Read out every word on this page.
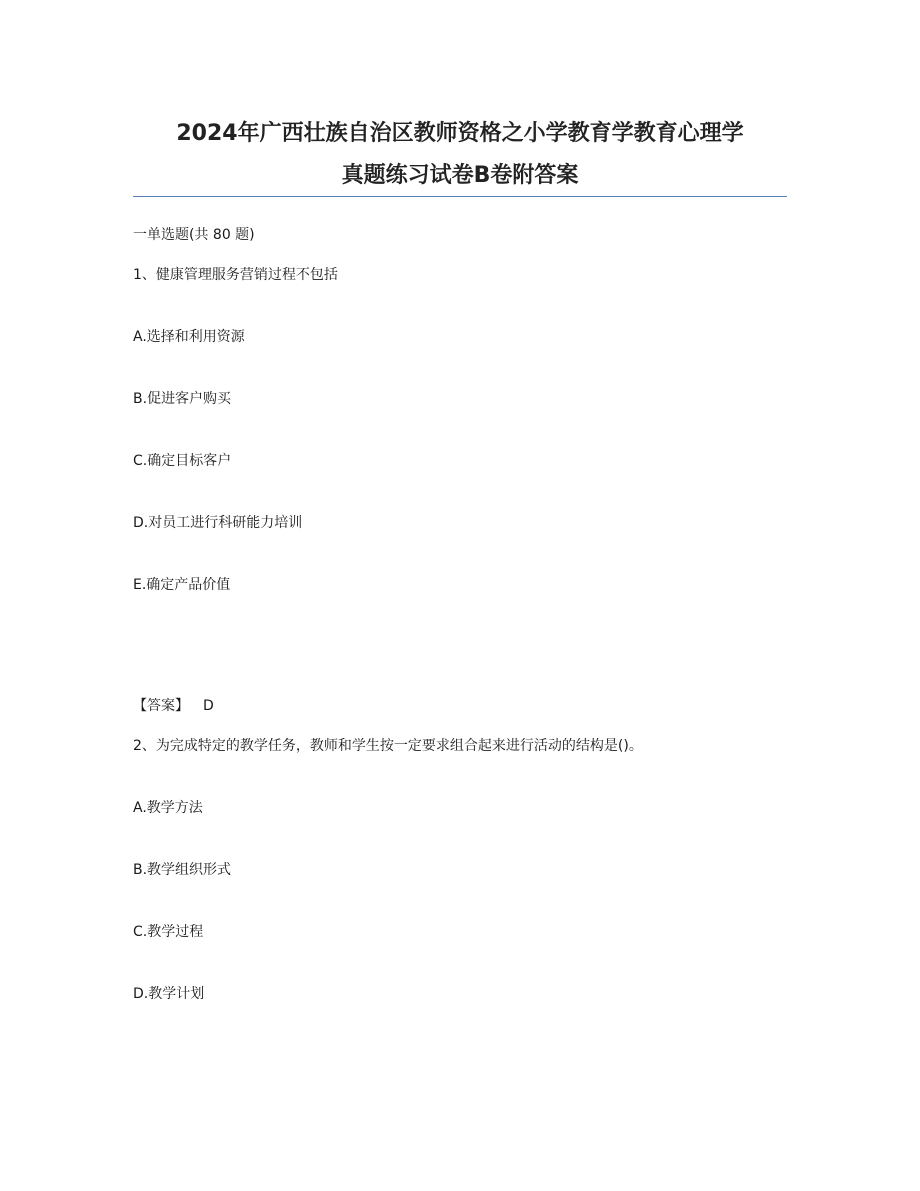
2024年广西壮族自治区教师资格之小学教育学教育心理学
真题练习试卷B卷附答案
一单选题(共 80 题)
1、健康管理服务营销过程不包括
A.选择和利用资源
B.促进客户购买
C.确定目标客户
D.对员工进行科研能力培训
E.确定产品价值
【答案】 D
2、为完成特定的教学任务，教师和学生按一定要求组合起来进行活动的结构是()。
A.教学方法
B.教学组织形式
C.教学过程
D.教学计划
